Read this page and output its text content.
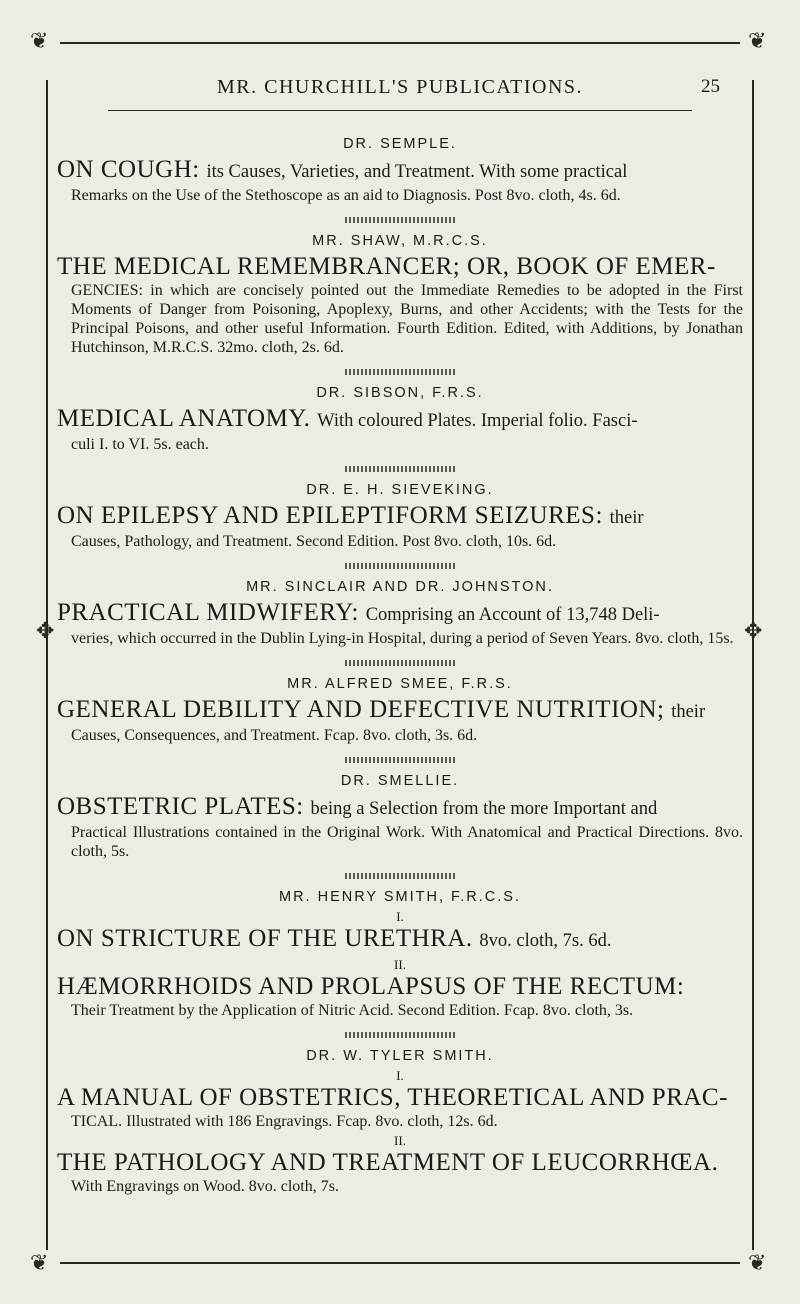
❦	❦
❦	❦
✥	✥
MR. CHURCHILL'S PUBLICATIONS.	25

DR. SEMPLE.

ON COUGH: its Causes, Varieties, and Treatment. With some practical

Remarks on the Use of the Stethoscope as an aid to Diagnosis. Post 8vo. cloth, 4s. 6d.

MR. SHAW, M.R.C.S.

THE MEDICAL REMEMBRANCER; OR, BOOK OF EMER-

GENCIES: in which are concisely pointed out the Immediate Remedies to be adopted in the First Moments of Danger from Poisoning, Apoplexy, Burns, and other Accidents; with the Tests for the Principal Poisons, and other useful Information. Fourth Edition. Edited, with Additions, by Jonathan Hutchinson, M.R.C.S. 32mo. cloth, 2s. 6d.

DR. SIBSON, F.R.S.

MEDICAL ANATOMY. With coloured Plates. Imperial folio. Fasci-

culi I. to VI. 5s. each.

DR. E. H. SIEVEKING.

ON EPILEPSY AND EPILEPTIFORM SEIZURES: their

Causes, Pathology, and Treatment. Second Edition. Post 8vo. cloth, 10s. 6d.

MR. SINCLAIR AND DR. JOHNSTON.

PRACTICAL MIDWIFERY: Comprising an Account of 13,748 Deli-

veries, which occurred in the Dublin Lying-in Hospital, during a period of Seven Years. 8vo. cloth, 15s.

MR. ALFRED SMEE, F.R.S.

GENERAL DEBILITY AND DEFECTIVE NUTRITION; their

Causes, Consequences, and Treatment. Fcap. 8vo. cloth, 3s. 6d.

DR. SMELLIE.

OBSTETRIC PLATES: being a Selection from the more Important and

Practical Illustrations contained in the Original Work. With Anatomical and Practical Directions. 8vo. cloth, 5s.

MR. HENRY SMITH, F.R.C.S.

I.

ON STRICTURE OF THE URETHRA. 8vo. cloth, 7s. 6d.

II.

HÆMORRHOIDS AND PROLAPSUS OF THE RECTUM:

Their Treatment by the Application of Nitric Acid. Second Edition. Fcap. 8vo. cloth, 3s.

DR. W. TYLER SMITH.

I.

A MANUAL OF OBSTETRICS, THEORETICAL AND PRAC-

TICAL. Illustrated with 186 Engravings. Fcap. 8vo. cloth, 12s. 6d.

II.

THE PATHOLOGY AND TREATMENT OF LEUCORRHŒA.

With Engravings on Wood. 8vo. cloth, 7s.
